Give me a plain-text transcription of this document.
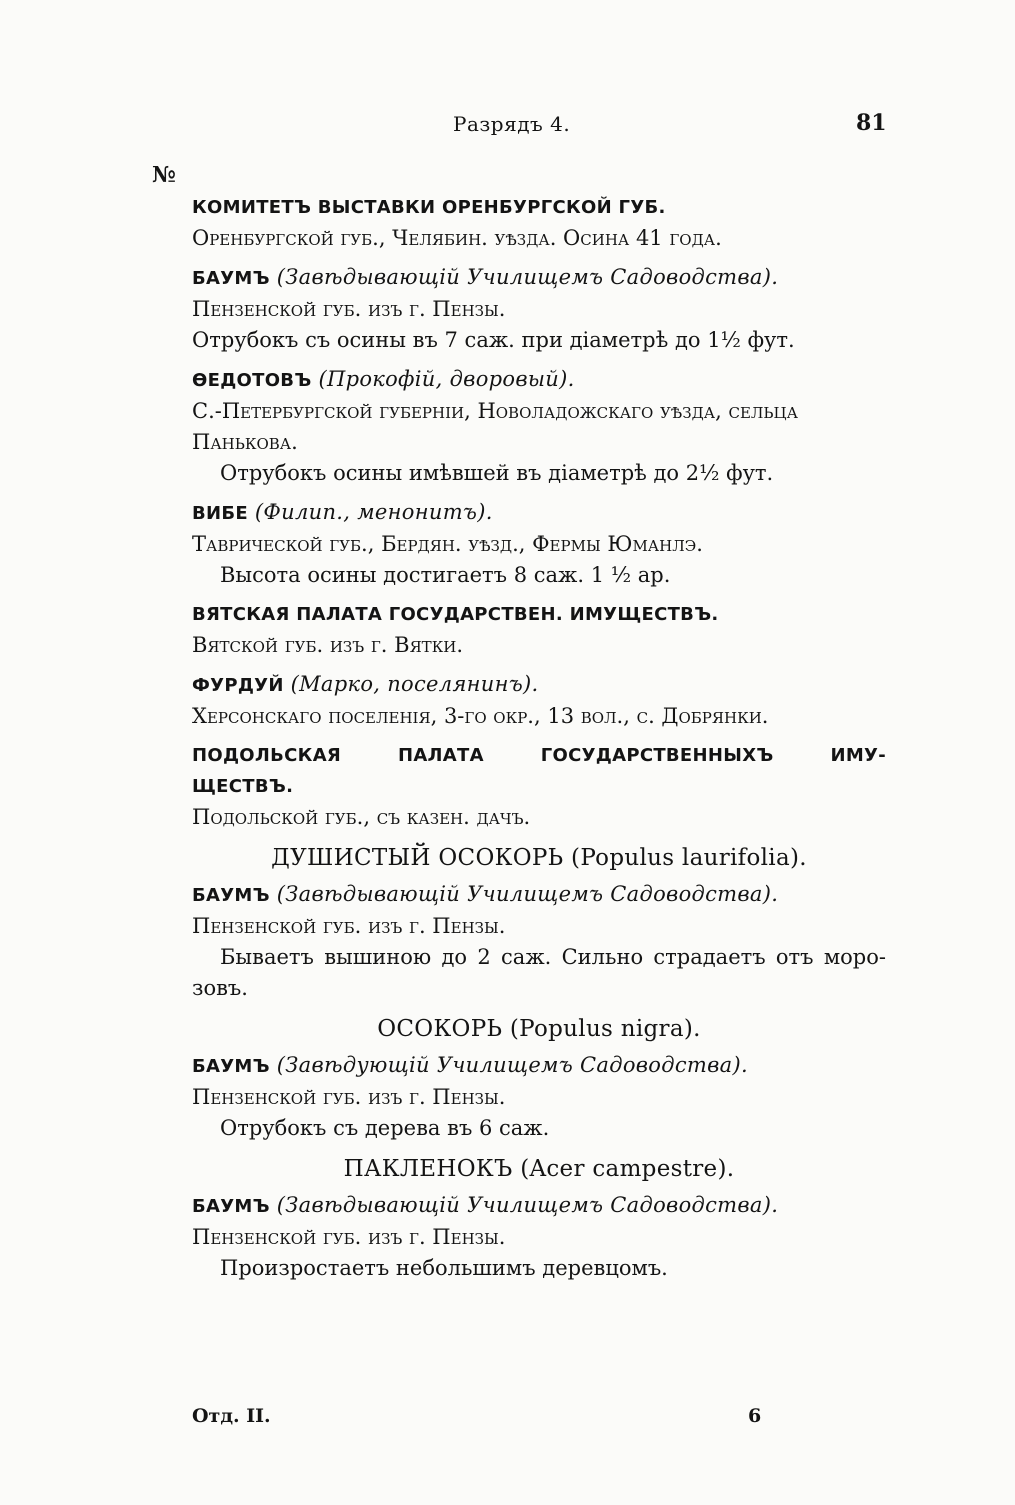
Разрядъ 4.	81
№
КОМИТЕТЪ ВЫСТАВКИ ОРЕНБУРГСКОЙ ГУБ.
Оренбургской губ., Челябин. уѣзда. Осина 41 года.
БАУМЪ (Завѣдывающій Училищемъ Садоводства).
Пензенской губ. изъ г. Пензы.
Отрубокъ съ осины въ 7 саж. при діаметрѣ до 1½ фут.
ѲЕДОТОВЪ (Прокофій, дворовый).
С.-Петербургской губерніи, Новоладожскаго уѣзда, сельца Панькова.
Отрубокъ осины имѣвшей въ діаметрѣ до 2½ фут.
ВИБЕ (Филип., менонитъ).
Таврической губ., Бердян. уѣзд., Фермы Юманлэ.
Высота осины достигаетъ 8 саж. 1 ½ ар.
ВЯТСКАЯ ПАЛАТА ГОСУДАРСТВЕН. ИМУЩЕСТВЪ.
Вятской губ. изъ г. Вятки.
ФУРДУЙ (Марко, поселянинъ).
Херсонскаго поселенія, 3-го окр., 13 вол., с. Добрянки.
ПОДОЛЬСКАЯ ПАЛАТА ГОСУДАРСТВЕННЫХЪ ИМУ-
ЩЕСТВЪ.
Подольской губ., съ казен. дачъ.
ДУШИСТЫЙ ОСОКОРЬ (Populus laurifolia).
БАУМЪ (Завѣдывающій Училищемъ Садоводства).
Пензенской губ. изъ г. Пензы.
Бываетъ вышиною до 2 саж. Сильно страдаетъ отъ моро-
зовъ.
ОСОКОРЬ (Populus nigra).
БАУМЪ (Завѣдующій Училищемъ Садоводства).
Пензенской губ. изъ г. Пензы.
Отрубокъ съ дерева въ 6 саж.
ПАКЛЕНОКЪ (Acer campestre).
БАУМЪ (Завѣдывающій Училищемъ Садоводства).
Пензенской губ. изъ г. Пензы.
Произростаетъ небольшимъ деревцомъ.
Отд. II.	6
